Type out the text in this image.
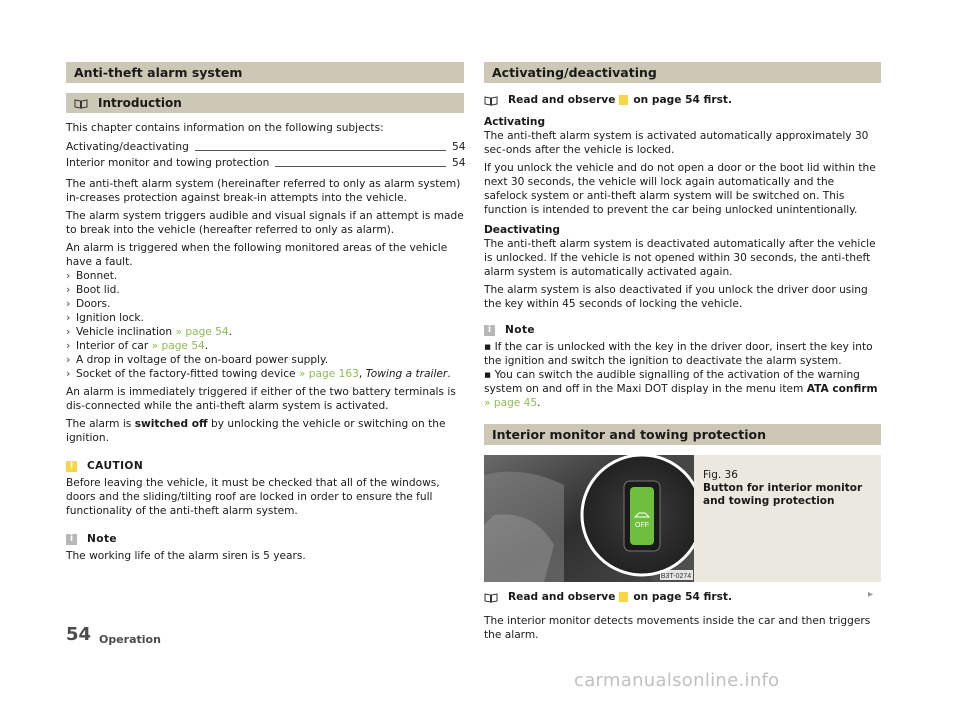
Anti-theft alarm system
Introduction

This chapter contains information on the following subjects:

Activating/deactivating	54
Interior monitor and towing protection	54

The anti-theft alarm system (hereinafter referred to only as alarm system) in-creases protection against break-in attempts into the vehicle.

The alarm system triggers audible and visual signals if an attempt is made to break into the vehicle (hereafter referred to only as alarm).

An alarm is triggered when the following monitored areas of the vehicle have a fault.

› Bonnet.
› Boot lid.
› Doors.
› Ignition lock.
› Vehicle inclination » page 54.
› Interior of car » page 54.
› A drop in voltage of the on-board power supply.
› Socket of the factory-fitted towing device » page 163, Towing a trailer.

An alarm is immediately triggered if either of the two battery terminals is dis-connected while the anti-theft alarm system is activated.

The alarm is switched off by unlocking the vehicle or switching on the ignition.

!	CAUTION

Before leaving the vehicle, it must be checked that all of the windows, doors and the sliding/tilting roof are locked in order to ensure the full functionality of the anti-theft alarm system.

i	Note

The working life of the alarm siren is 5 years.

Activating/deactivating
Read and observe on page 54 first.
Activating

The anti-theft alarm system is activated automatically approximately 30 sec-onds after the vehicle is locked.

If you unlock the vehicle and do not open a door or the boot lid within the next 30 seconds, the vehicle will lock again automatically and the safelock system or anti-theft alarm system will be switched on. This function is intended to prevent the car being unlocked unintentionally.

Deactivating

The anti-theft alarm system is deactivated automatically after the vehicle is unlocked. If the vehicle is not opened within 30 seconds, the anti-theft alarm system is automatically activated again.

The alarm system is also deactivated if you unlock the driver door using the key within 45 seconds of locking the vehicle.

i	Note

▪ If the car is unlocked with the key in the driver door, insert the key into the ignition and switch the ignition to deactivate the alarm system.

▪ You can switch the audible signalling of the activation of the warning system on and off in the Maxi DOT display in the menu item ATA confirm » page 45.

Interior monitor and towing protection
OFF
B3T-0274
Fig. 36
Button for interior monitor and towing protection
Read and observe on page 54 first.

The interior monitor detects movements inside the car and then triggers the alarm.

▸
54 Operation
carmanualsonline.info
